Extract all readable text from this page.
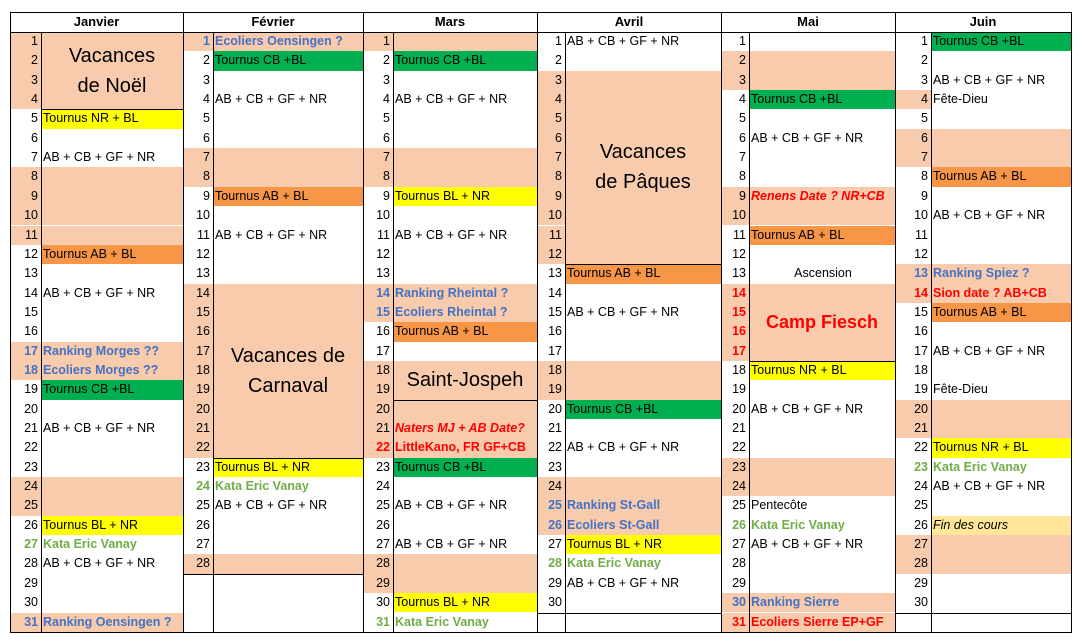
Janvier
1
2
3
4
5 Tournus NR + BL
6
7 AB + CB + GF + NR
8
9
10
11
12 Tournus AB + BL
13
14 AB + CB + GF + NR
15
16
17 Ranking Morges ??
18 Ecoliers Morges ??
19 Tournus CB +BL
20
21 AB + CB + GF + NR
22
23
24
25
26 Tournus BL + NR
27 Kata Eric Vanay
28 AB + CB + GF + NR
29
30
31 Ranking Oensingen ?
Vacances
de Noël
Février
1 Ecoliers Oensingen ?
2 Tournus CB +BL
3
4 AB + CB + GF + NR
5
6
7
8
9 Tournus AB + BL
10
11 AB + CB + GF + NR
12
13
14
15
16
17
18
19
20
21
22
23 Tournus BL + NR
24 Kata Eric Vanay
25 AB + CB + GF + NR
26
27
28
Vacances de
Carnaval
Mars
1
2 Tournus CB +BL
3
4 AB + CB + GF + NR
5
6
7
8
9 Tournus BL + NR
10
11 AB + CB + GF + NR
12
13
14 Ranking Rheintal ?
15 Ecoliers Rheintal ?
16 Tournus AB + BL
17
18
19
20
21 Naters MJ + AB Date?
22 LittleKano, FR GF+CB
23 Tournus CB +BL
24
25 AB + CB + GF + NR
26
27 AB + CB + GF + NR
28
29
30 Tournus BL + NR
31 Kata Eric Vanay
Saint-Jospeh
Avril
1 AB + CB + GF + NR
2
3
4
5
6
7
8
9
10
11
12
13 Tournus AB + BL
14
15 AB + CB + GF + NR
16
17
18
19
20 Tournus CB +BL
21
22 AB + CB + GF + NR
23
24
25 Ranking St-Gall
26 Ecoliers St-Gall
27 Tournus BL + NR
28 Kata Eric Vanay
29 AB + CB + GF + NR
30
Vacances
de Pâques
Mai
1
2
3
4 Tournus CB +BL
5
6 AB + CB + GF + NR
7
8
9 Renens Date ? NR+CB
10
11 Tournus AB + BL
12
13	Ascension
14
15
16
17
18 Tournus NR + BL
19
20 AB + CB + GF + NR
21
22
23
24
25 Pentecôte
26 Kata Eric Vanay
27 AB + CB + GF + NR
28
29
30 Ranking Sierre
31 Ecoliers Sierre EP+GF
Camp Fiesch
Juin
1 Tournus CB +BL
2
3 AB + CB + GF + NR
4 Fête-Dieu
5
6
7
8 Tournus AB + BL
9
10 AB + CB + GF + NR
11
12
13 Ranking Spiez ?
14 Sion date ? AB+CB
15 Tournus AB + BL
16
17 AB + CB + GF + NR
18
19 Fête-Dieu
20
21
22 Tournus NR + BL
23 Kata Eric Vanay
24 AB + CB + GF + NR
25
26 Fin des cours
27
28
29
30
